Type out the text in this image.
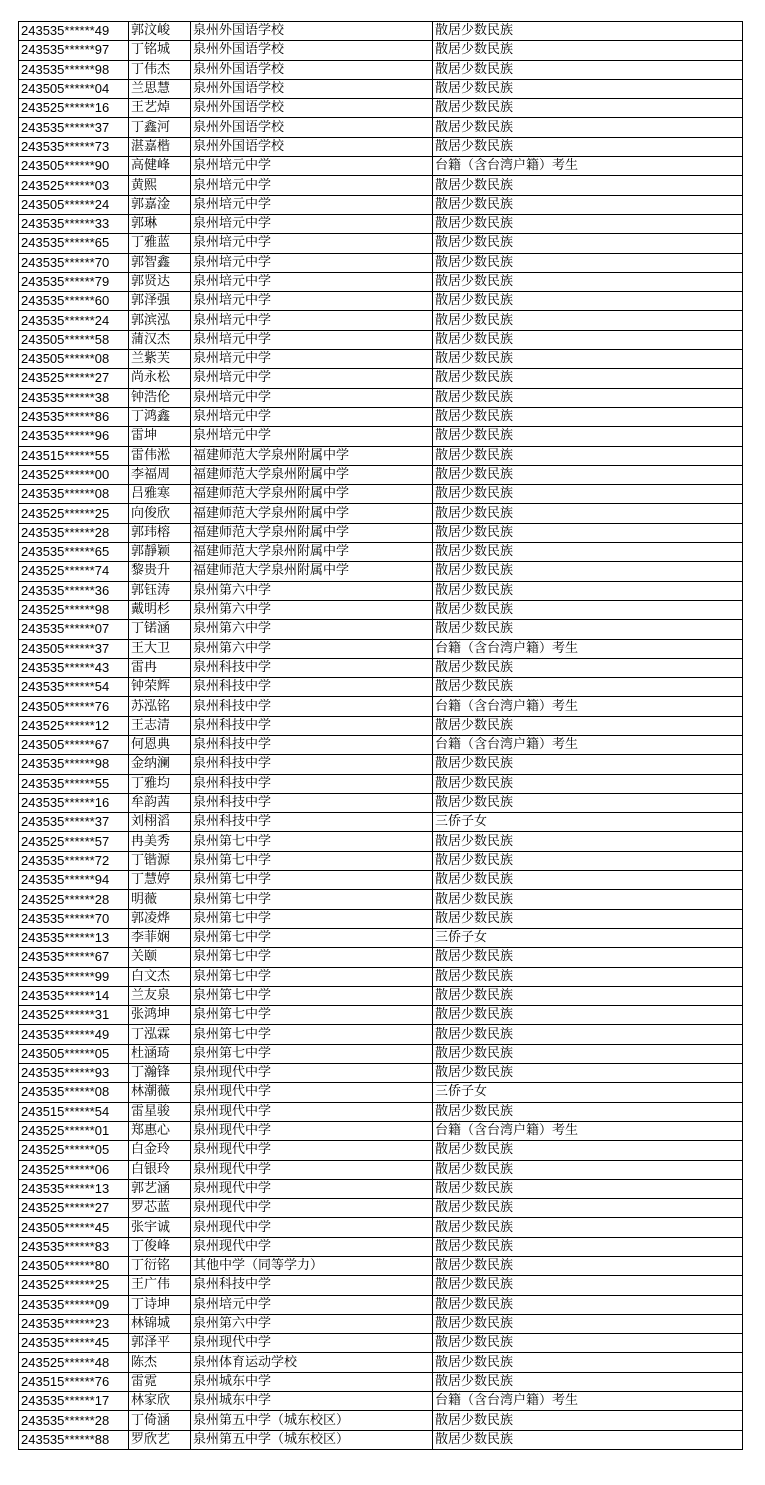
243535******49	郭汶峻	泉州外国语学校	散居少数民族
243535******97	丁铭城	泉州外国语学校	散居少数民族
243535******98	丁伟杰	泉州外国语学校	散居少数民族
243505******04	兰思慧	泉州外国语学校	散居少数民族
243525******16	王艺焯	泉州外国语学校	散居少数民族
243535******37	丁鑫河	泉州外国语学校	散居少数民族
243535******73	湛嘉楷	泉州外国语学校	散居少数民族
243505******90	高健峰	泉州培元中学	台籍（含台湾户籍）考生
243525******03	黄熙	泉州培元中学	散居少数民族
243505******24	郭嘉淦	泉州培元中学	散居少数民族
243535******33	郭琳	泉州培元中学	散居少数民族
243535******65	丁雅蓝	泉州培元中学	散居少数民族
243535******70	郭智鑫	泉州培元中学	散居少数民族
243535******79	郭贤达	泉州培元中学	散居少数民族
243535******60	郭泽强	泉州培元中学	散居少数民族
243535******24	郭滨泓	泉州培元中学	散居少数民族
243505******58	蒲汉杰	泉州培元中学	散居少数民族
243505******08	兰紫芙	泉州培元中学	散居少数民族
243525******27	尚永松	泉州培元中学	散居少数民族
243535******38	钟浩伦	泉州培元中学	散居少数民族
243535******86	丁鸿鑫	泉州培元中学	散居少数民族
243535******96	雷坤	泉州培元中学	散居少数民族
243515******55	雷伟淞	福建师范大学泉州附属中学	散居少数民族
243525******00	李福周	福建师范大学泉州附属中学	散居少数民族
243535******08	吕雅寒	福建师范大学泉州附属中学	散居少数民族
243525******25	向俊欣	福建师范大学泉州附属中学	散居少数民族
243535******28	郭玮榕	福建师范大学泉州附属中学	散居少数民族
243535******65	郭靜颖	福建师范大学泉州附属中学	散居少数民族
243525******74	黎贵升	福建师范大学泉州附属中学	散居少数民族
243535******36	郭钰涛	泉州第六中学	散居少数民族
243525******98	戴明杉	泉州第六中学	散居少数民族
243535******07	丁锘涵	泉州第六中学	散居少数民族
243505******37	王大卫	泉州第六中学	台籍（含台湾户籍）考生
243535******43	雷冉	泉州科技中学	散居少数民族
243535******54	钟荣辉	泉州科技中学	散居少数民族
243505******76	苏泓铭	泉州科技中学	台籍（含台湾户籍）考生
243525******12	王志清	泉州科技中学	散居少数民族
243505******67	何恩典	泉州科技中学	台籍（含台湾户籍）考生
243535******98	金纳澜	泉州科技中学	散居少数民族
243535******55	丁雅均	泉州科技中学	散居少数民族
243535******16	牟韵茜	泉州科技中学	散居少数民族
243535******37	刘栩滔	泉州科技中学	三侨子女
243525******57	冉美秀	泉州第七中学	散居少数民族
243535******72	丁锴源	泉州第七中学	散居少数民族
243535******94	丁慧婷	泉州第七中学	散居少数民族
243525******28	明薇	泉州第七中学	散居少数民族
243535******70	郭凌烨	泉州第七中学	散居少数民族
243535******13	李菲娴	泉州第七中学	三侨子女
243535******67	关颐	泉州第七中学	散居少数民族
243535******99	白文杰	泉州第七中学	散居少数民族
243535******14	兰友泉	泉州第七中学	散居少数民族
243525******31	张鸿坤	泉州第七中学	散居少数民族
243535******49	丁泓霖	泉州第七中学	散居少数民族
243505******05	杜涵琦	泉州第七中学	散居少数民族
243535******93	丁瀚锋	泉州现代中学	散居少数民族
243535******08	林潮薇	泉州现代中学	三侨子女
243515******54	雷星骏	泉州现代中学	散居少数民族
243525******01	郑惠心	泉州现代中学	台籍（含台湾户籍）考生
243525******05	白金玲	泉州现代中学	散居少数民族
243525******06	白银玲	泉州现代中学	散居少数民族
243535******13	郭艺涵	泉州现代中学	散居少数民族
243525******27	罗芯蓝	泉州现代中学	散居少数民族
243505******45	张宇诚	泉州现代中学	散居少数民族
243535******83	丁俊峰	泉州现代中学	散居少数民族
243505******80	丁衍铭	其他中学（同等学力）	散居少数民族
243525******25	王广伟	泉州科技中学	散居少数民族
243535******09	丁诗坤	泉州培元中学	散居少数民族
243535******23	林锦城	泉州第六中学	散居少数民族
243535******45	郭泽平	泉州现代中学	散居少数民族
243525******48	陈杰	泉州体育运动学校	散居少数民族
243515******76	雷霓	泉州城东中学	散居少数民族
243535******17	林家欣	泉州城东中学	台籍（含台湾户籍）考生
243535******28	丁倚涵	泉州第五中学（城东校区）	散居少数民族
243535******88	罗欣艺	泉州第五中学（城东校区）	散居少数民族
